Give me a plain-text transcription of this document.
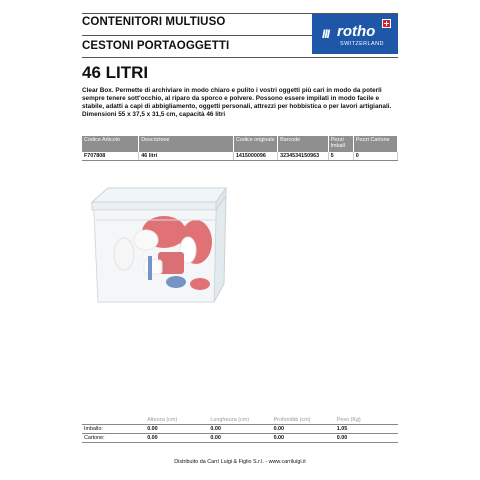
CONTENITORI MULTIUSO
CESTONI PORTAOGGETTI
III rotho
SWITZERLAND
46 LITRI
Clear Box. Permette di archiviare in modo chiaro e pulito i vostri oggetti più cari in modo da poterli sempre tenere sott'occhio, al riparo da sporco e polvere. Possono essere impilati in modo facile e stabile, adatti a capi di abbigliamento, oggetti personali, attrezzi per hobbistica o per lavori artigianali.
Dimensioni 55 x 37,5 x 31,5 cm, capacità 46 litri
Codice Articolo	Descrizione	Codice originale	Barcode	Pezzi Imball	Pezzi Cartone
F707808	46 litri	1415000096	3234534150963	5	0
	Altezza (cm)	Lunghezza (cm)	Profondità (cm)	Peso (Kg)
Imballo:	0.00	0.00	0.00	1.05
Cartone:	0.00	0.00	0.00	0.00
Distribuito da Carrì Luigi & Figlio S.r.l. - www.carriluigi.it
